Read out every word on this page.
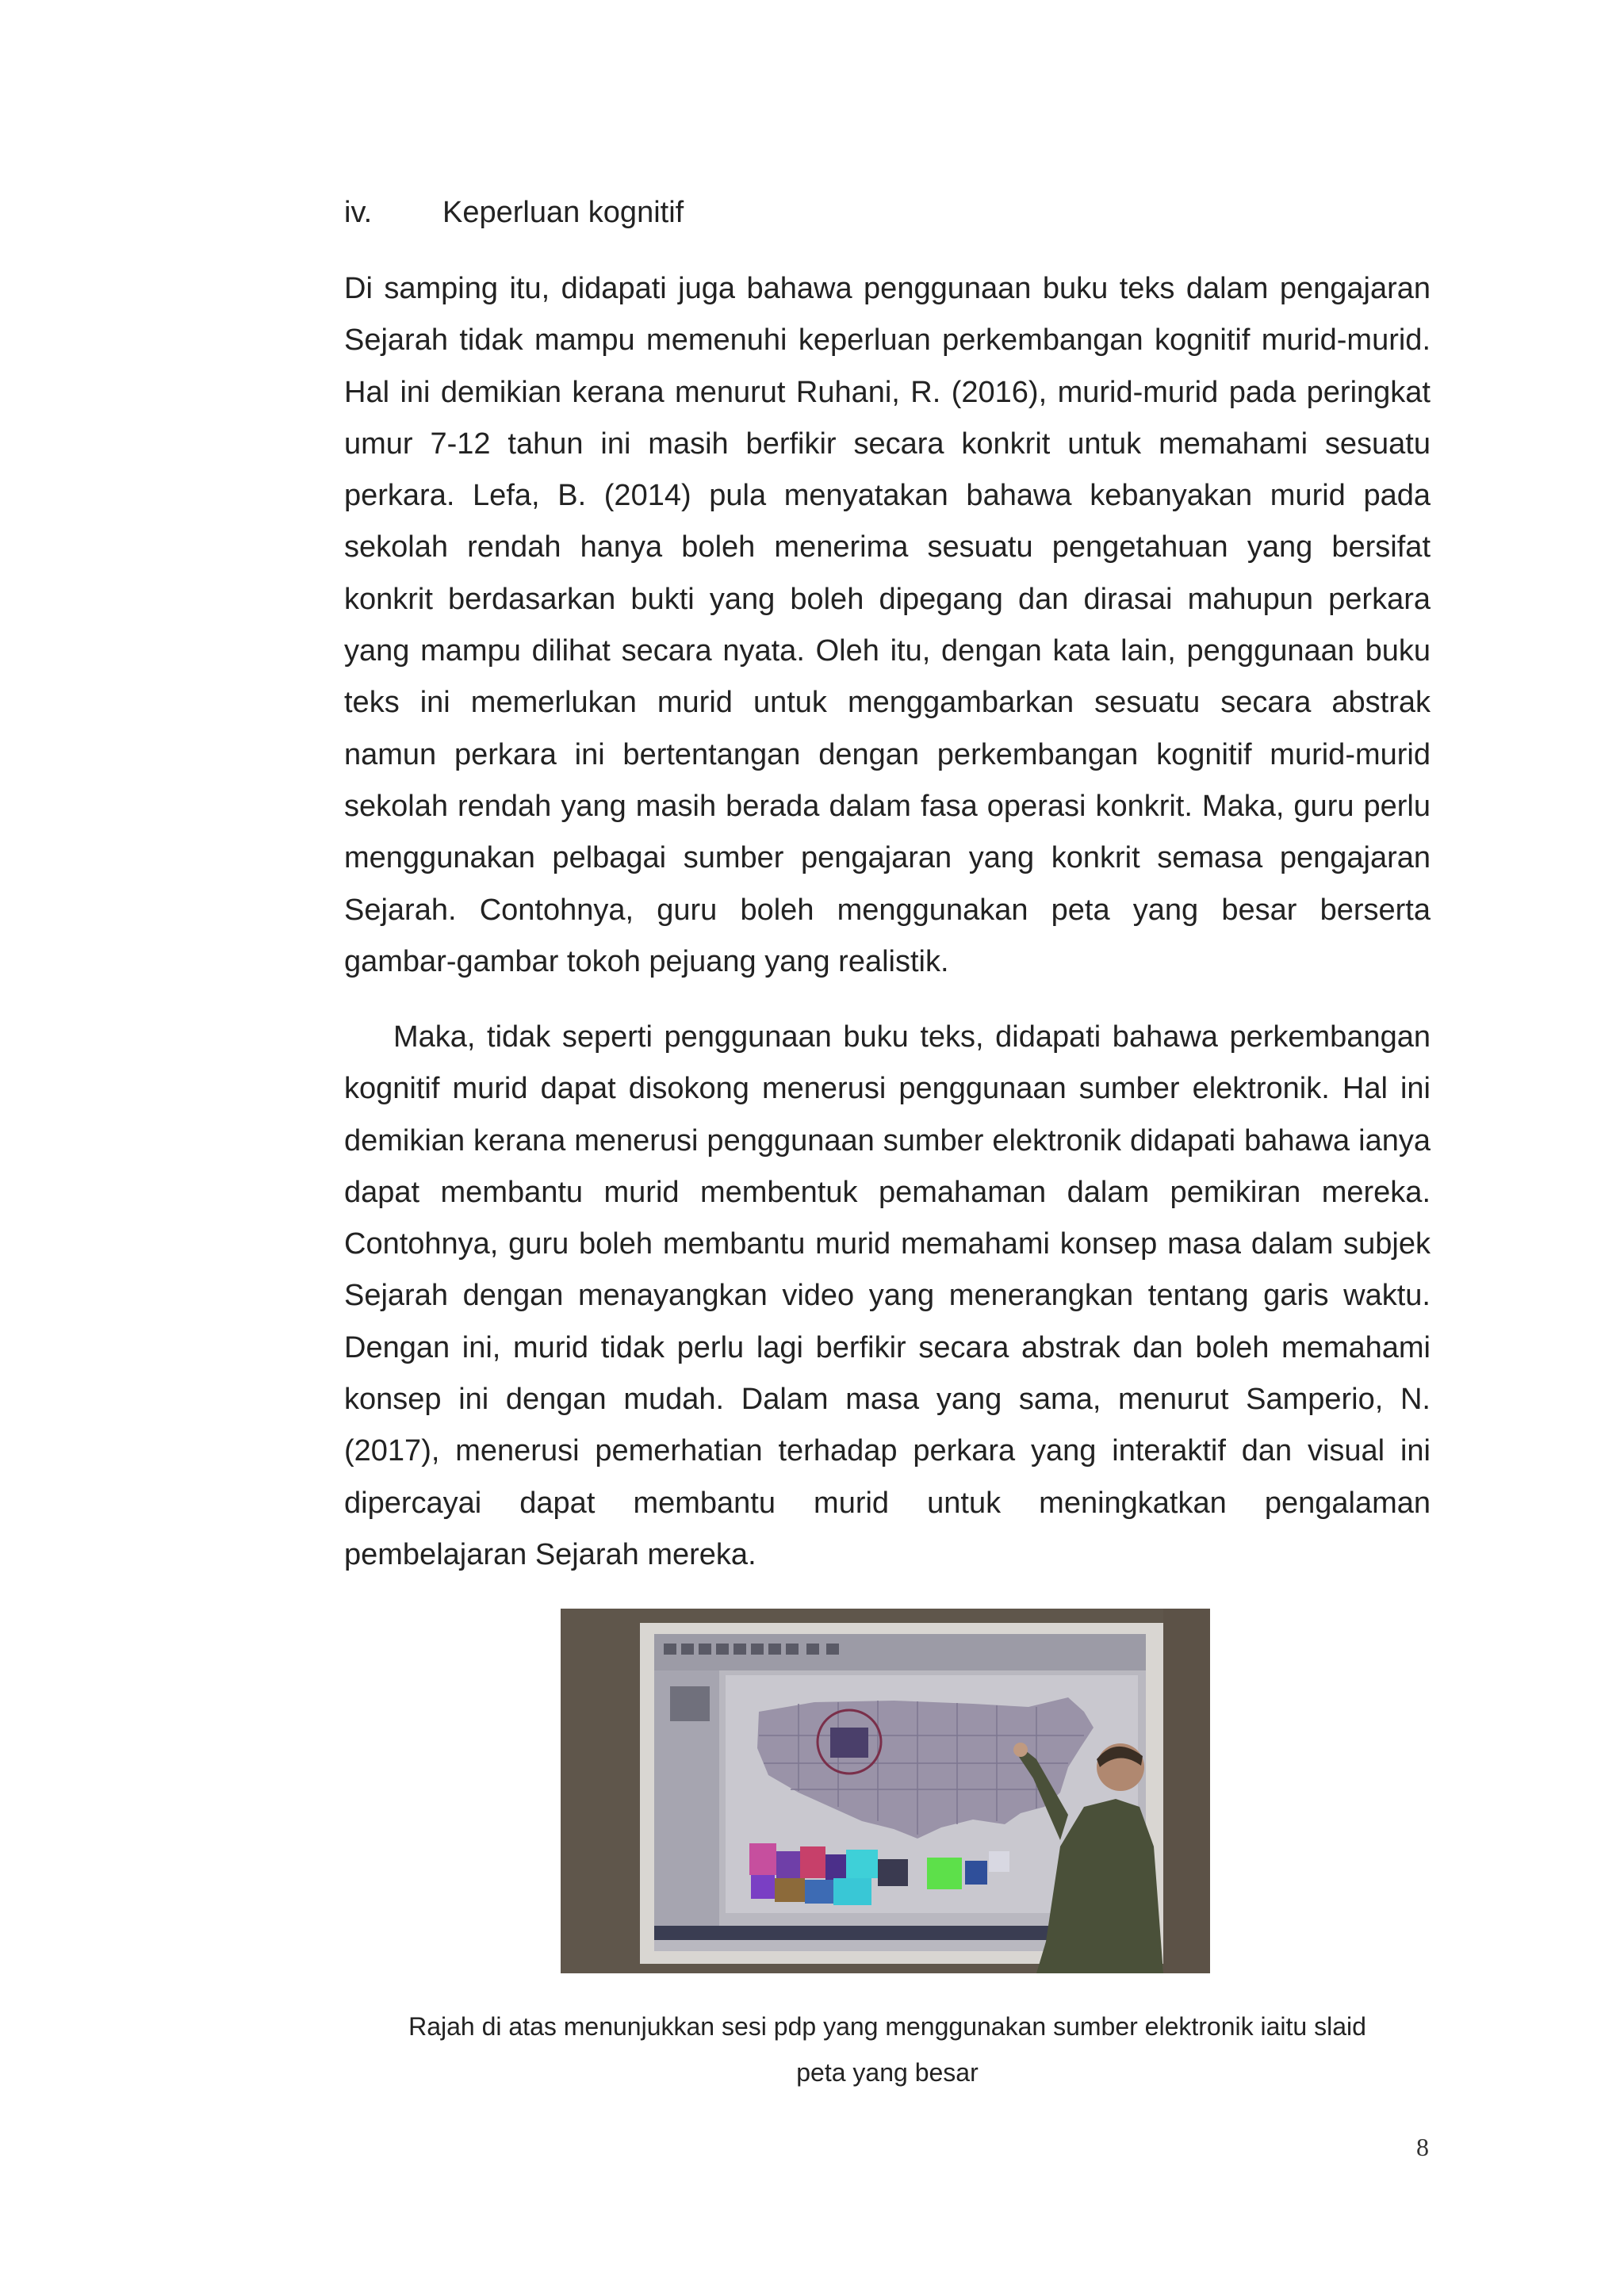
iv. Keperluan kognitif

Di samping itu, didapati juga bahawa penggunaan buku teks dalam pengajaran Sejarah tidak mampu memenuhi keperluan perkembangan kognitif murid-murid. Hal ini demikian kerana menurut Ruhani, R. (2016), murid-murid pada peringkat umur 7-12 tahun ini masih berfikir secara konkrit untuk memahami sesuatu perkara. Lefa, B. (2014) pula menyatakan bahawa kebanyakan murid pada sekolah rendah hanya boleh menerima sesuatu pengetahuan yang bersifat konkrit berdasarkan bukti yang boleh dipegang dan dirasai mahupun perkara yang mampu dilihat secara nyata. Oleh itu, dengan kata lain, penggunaan buku teks ini memerlukan murid untuk menggambarkan sesuatu secara abstrak namun perkara ini bertentangan dengan perkembangan kognitif murid-murid sekolah rendah yang masih berada dalam fasa operasi konkrit. Maka, guru perlu menggunakan pelbagai sumber pengajaran yang konkrit semasa pengajaran Sejarah. Contohnya, guru boleh menggunakan peta yang besar berserta gambar-gambar tokoh pejuang yang realistik.

Maka, tidak seperti penggunaan buku teks, didapati bahawa perkembangan kognitif murid dapat disokong menerusi penggunaan sumber elektronik. Hal ini demikian kerana menerusi penggunaan sumber elektronik didapati bahawa ianya dapat membantu murid membentuk pemahaman dalam pemikiran mereka. Contohnya, guru boleh membantu murid memahami konsep masa dalam subjek Sejarah dengan menayangkan video yang menerangkan tentang garis waktu. Dengan ini, murid tidak perlu lagi berfikir secara abstrak dan boleh memahami konsep ini dengan mudah. Dalam masa yang sama, menurut Samperio, N. (2017), menerusi pemerhatian terhadap perkara yang interaktif dan visual ini dipercayai dapat membantu murid untuk meningkatkan pengalaman pembelajaran Sejarah mereka.

Rajah di atas menunjukkan sesi pdp yang menggunakan sumber elektronik iaitu slaid
peta yang besar
8
